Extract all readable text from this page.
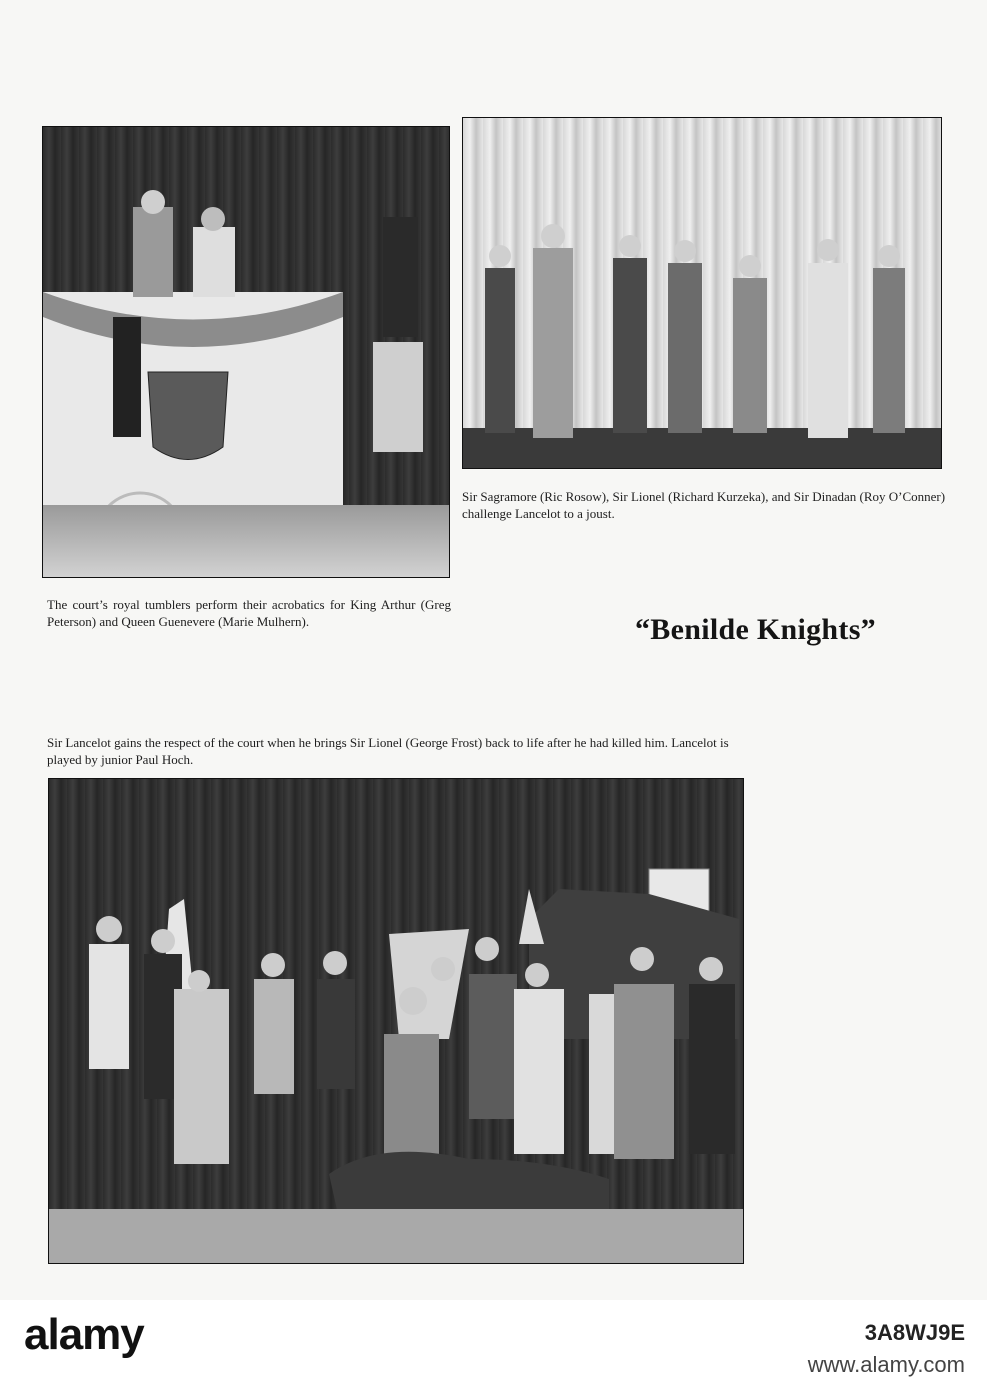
Sir Sagramore (Ric Rosow), Sir Lionel (Richard Kurzeka), and Sir Dinadan (Roy O’Conner) challenge Lancelot to a joust.
The court’s royal tumblers perform their acrobatics for King Arthur (Greg Peterson) and Queen Guenevere (Marie Mulhern).	“Benilde Knights”
Sir Lancelot gains the respect of the court when he brings Sir Lionel (George Frost) back to life after he had killed him. Lancelot is played by junior Paul Hoch.
alamy	3A8WJ9E
www.alamy.com
